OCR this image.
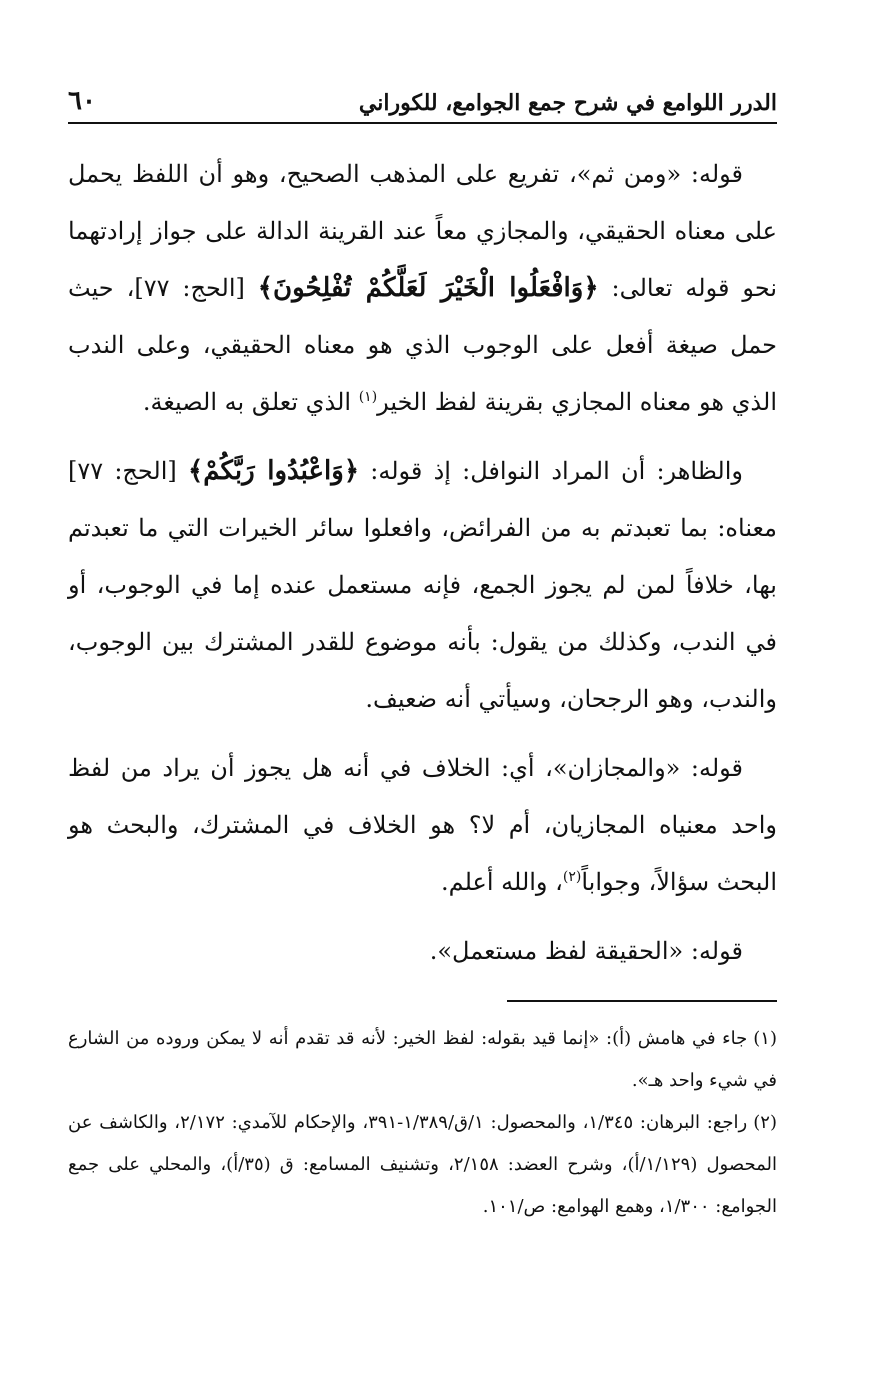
الدرر اللوامع في شرح جمع الجوامع، للكوراني
٦٠

قوله: «ومن ثم»، تفريع على المذهب الصحيح، وهو أن اللفظ يحمل على معناه الحقيقي، والمجازي معاً عند القرينة الدالة على جواز إرادتهما نحو قوله تعالى: ﴿وَافْعَلُوا الْخَيْرَ لَعَلَّكُمْ تُفْلِحُونَ﴾ [الحج: ٧٧]، حيث حمل صيغة أفعل على الوجوب الذي هو معناه الحقيقي، وعلى الندب الذي هو معناه المجازي بقرينة لفظ الخير$^{(١)}$ الذي تعلق به الصيغة.

والظاهر: أن المراد النوافل: إذ قوله: ﴿وَاعْبُدُوا رَبَّكُمْ﴾ [الحج: ٧٧] معناه: بما تعبدتم به من الفرائض، وافعلوا سائر الخيرات التي ما تعبدتم بها، خلافاً لمن لم يجوز الجمع، فإنه مستعمل عنده إما في الوجوب، أو في الندب، وكذلك من يقول: بأنه موضوع للقدر المشترك بين الوجوب، والندب، وهو الرجحان، وسيأتي أنه ضعيف.

قوله: «والمجازان»، أي: الخلاف في أنه هل يجوز أن يراد من لفظ واحد معنياه المجازيان، أم لا؟ هو الخلاف في المشترك، والبحث هو البحث سؤالاً، وجواباً$^{(٢)}$، والله أعلم.

قوله: «الحقيقة لفظ مستعمل».

(١)جاء في هامش (أ): «إنما قيد بقوله: لفظ الخير: لأنه قد تقدم أنه لا يمكن وروده من الشارع في شيء واحد هـ».

(٢)راجع: البرهان: ١/٣٤٥، والمحصول: ١/ق/١/٣٨٩-٣٩١، والإحكام للآمدي: ٢/١٧٢، والكاشف عن المحصول (١/١٢٩/أ)، وشرح العضد: ٢/١٥٨، وتشنيف المسامع: ق (٣٥/أ)، والمحلي على جمع الجوامع: ١/٣٠٠، وهمع الهوامع: ص/١٠١.
